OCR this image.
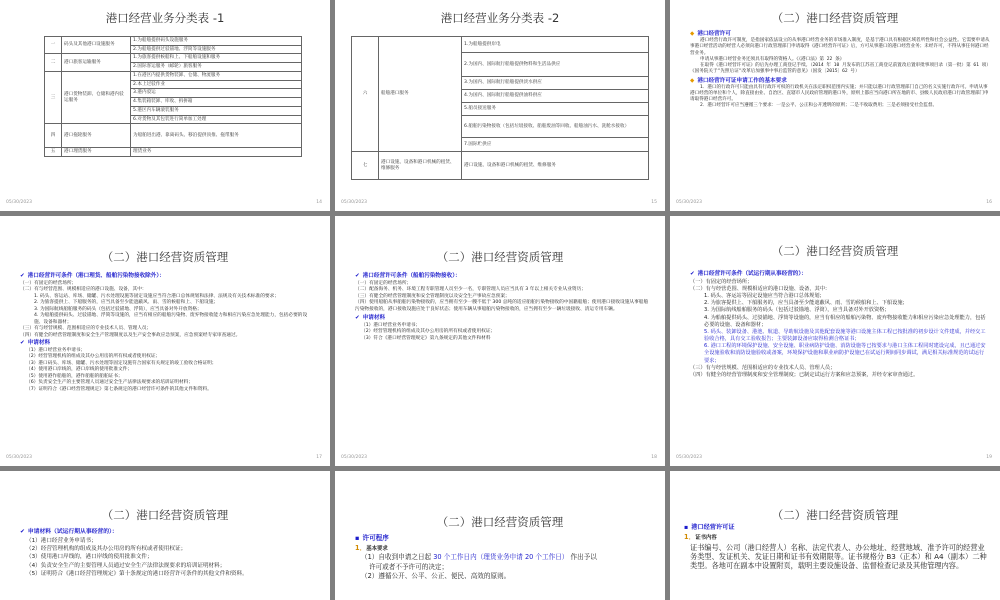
港口经营业务分类表 -1
一	码头及其他港口设施服务	1.为船舶提供码头设施服务
		2.为船舶提供过驳锚地、浮筒等设施服务
二	港口旅客运输服务	1.为旅客提供候船和上、下船舶设施和服务
		2.国际客运服务（邮轮）旅客服务
三	港口货物装卸、仓储和港内驳运服务	1.在港区内提供货物装卸、仓储、物流服务
		2.本上过驳作业
		3.港内驳运
		4.集装箱装卸、库收、拆拼箱
		5.港区内车辆滚装服务
		6.对货物及其包装进行简单加工处理
四	港口拖轮服务	为船舶进出港、靠离码头、移泊提供顶推、拖带服务
五	港口理货服务	理货业务
05/30/2023	14
港口经营业务分类表 -2
六	船舶港口服务	1.为船舶提供岸电
		2.为国内、国际航行船舶提供物料和生活品供应
		3.为国内、国际航行船舶提供淡水供应
		4.为国内、国际航行船舶提供油料供应
		5.船员接送服务
		6.船舶污染物接收（包括垃圾接收、船舶废油等回收、船舶油污水、洗舱水接收）
		7.国际贮供应
七	港口设施、设备和港口机械的租赁、维修服务	港口设施、设备和港口机械的租赁、维修服务
05/30/2023	15
（二）港口经营资质管理
◆ 港口经营许可

港口经营行政许可制度，是指国家依法设立的从事港口经营业务的市场准入制度，是基于港口具有根据区域者所性和社会公益性。它需要申请从事港口经营活动的经营人必须向港口行政管理部门申请取得《港口经营许可证》后，方可从事港口的港口经营业务；未经许可，不得从事任何港口经营业务。

申请从事港口经营业务还须具有取得的资格人。《《港口法》第 22 条》

在取得《港口经营许可证》的后先办理工商登记手续。（2014 年 10 月发布的江苏省工商登记前置改后置审批事项目录（第一批）第 61 项）《国务院关于"先照后证"改革后加强事中事后监管的意见》（国发〔2015〕62 号）

◆ 港口经营许可证申请工作的基本要求

1．港口的行政许可只能由具有行政许可权的行政机关在法定职权范围内实施；并只能以港口行政管理部门自己的名义实施行政许可。申请从事港口经营的单位和个人，除直接由业、自治区、直辖市人民政府管理的港口外，原则上都应当向港口所在地的市、县级人民政府港口行政管理部门申请取得港口经营许可。

2．港口经营许可应当遵循三个要求：一是公平、公正和公开透明的原则；二是不收取费用；三是必须接受社会监督。

05/30/2023	16
（二）港口经营资质管理
✔ 港口经营许可条件（港口理货、船舶污染物接收除外）：

（一）有固定的经营场所；

（二）有与经营范围、规模相适应的港口设施、设备，其中：

1. 码头、客运站、库场、储罐、污水处理设施等固定设施应当符合港口总体规划和法律、法规及有关技术标准的要求；

2. 为旅客提供上、下船服务的，应当具备至少能遮蔽风、雨、雪的候船和上、下船设施；

3. 为国际航线船舶服务的码头（包括过驳锚地、浮筒），应当具备对外开放资格；

4. 为船舶提供码头、过驳锚地、浮筒等设施的，应当有相应的船舶污染物、废弃物接收能力和相应污染应急处理能力，包括必要的设施、设备和器材；

（三）有与经营规模、范围相适应的专业技术人员、管理人员；

（四）有健全的经营管理制度和安全生产管理制度以及生产安全事故应急预案，应急预案经专家审查通过。

✔ 申请材料

（1）港口经营业务申请书；

（2）经营管理机构的组成及其办公用房的所有权或者使用权证；

（3）港口码头、库场、储罐、污水处理等固定设施符合国家有关规定的竣工验收合格证明；

（4）使用港口岸线的，港口岸线的使用批准文件；

（5）使用港作船舶的，港作船舶的船舶证书；

（6）负责安全生产的主要管理人员通过安全生产法律法规要求的培训证明材料；

（7）证明符合《港口经营管理规定》第七条规定的港口经营许可条件的其他文件和资料。

05/30/2023	17
（二）港口经营资质管理
✔ 港口经营许可条件（船舶污染物接收）：

（一）有固定的经营场所；

（二）配备海务、机务、环境工程专职管理人员至少一名，专职管理人员应当具有 3 年以上相关专业从业资历；

（三）有健全的经营管理制度和安全管理制度以及安全生产事故应急预案；

（四）使用船舶从事船舶污染物接收的，应当拥有至少一艘不低于 300 总吨的适应船舶污染物接收的中国籍船舶；使用港口接收设施从事船舶污染物接收的，港口接收设施应处于良好状态；使用车辆从事船舶污染物接收的，应当拥有至少一辆垃圾接收、清运专用车辆。

✔ 申请材料

（1）港口经营业务申请书；

（2）经营管理机构的组成及其办公用房的所有权或者使用权证；

（3）符合《港口经营管理规定》第九条规定的其他文件和材料

05/30/2023	18
（二）港口经营资质管理
✔ 港口经营许可条件（试运行期从事经营的）：

（一）有固定的经营场所；

（二）有与经营范围、规模相适应的港口设施、设备，其中：

1. 码头、客运站等固定设施应当符合港口总体规划；

2. 为旅客提供上、下船服务的，应当具备至少能遮蔽风、雨、雪的候船和上、下船设施；

3. 为国际航线船舶服务的码头（包括过驳锚地、浮筒），应当具备对外开放资格；

4. 为船舶提供码头、过驳锚地、浮筒等设施的，应当有相应的船舶污染物、废弃物接收能力和相应污染应急处理能力，包括必要的设施、设备和器材；

5. 码头、装卸设备、港池、航道、导助航设施及其他配套设施等港口设施主体工程已按批准的初步设计文件建成，并经交工验收合格，具有交工验收报告；主要装卸设备应取得检测合格证书；

6. 港口工程的环境保护设施、安全设施、职业病防护设施、消防设施等已按要求与港口主体工程同时建设完成，且已通过安全设施验收和消防设施验收或备案，环境保护设施和职业病防护设施已在试运行期间同步调试，满足相关标准规范的试运行要求；

（三）有与经营规模、范围相适应的专业技术人员、管理人员；

（四）有健全的经营管理制度和安全管理制度；已制定试运行方案和应急预案，并经专家审查通过。

05/30/2023	19
（二）港口经营资质管理
✔ 申请材料（试运行期从事经营的）：

（1）港口经营业务申请书；

（2）经营管理机构的组成及其办公用房的所有权或者使用权证；

（3）使用港口岸线的，港口岸线的使用批准文件；

（4）负责安全生产的主要管理人员通过安全生产法律法规要求的培训证明材料；

（5）证明符合《港口经营管理规定》第十条规定的港口经营许可条件的其他文件和资料。

（二）港口经营资质管理
▪ 许可程序

1．基本要求

（1）自收到申请之日起 30 个工作日内（理货业务申请 20 个工作日） 作出予以

许可或者不予许可的决定；

（2）遵循公开、公平、公正、便民、高效的原则。

（二）港口经营资质管理
▪ 港口经营许可证

1．证书内容

证书编号、公司（港口经营人）名称、法定代表人、办公地址、经营地域、准予许可的经营业务类型、发证机关、发证日期和证书有效期限等。证书规格分 B3（正本）和 A4（副本）二种类型。各地可在副本中设置附页，载明主要设施设备、监督检查记录及其他管理内容。
